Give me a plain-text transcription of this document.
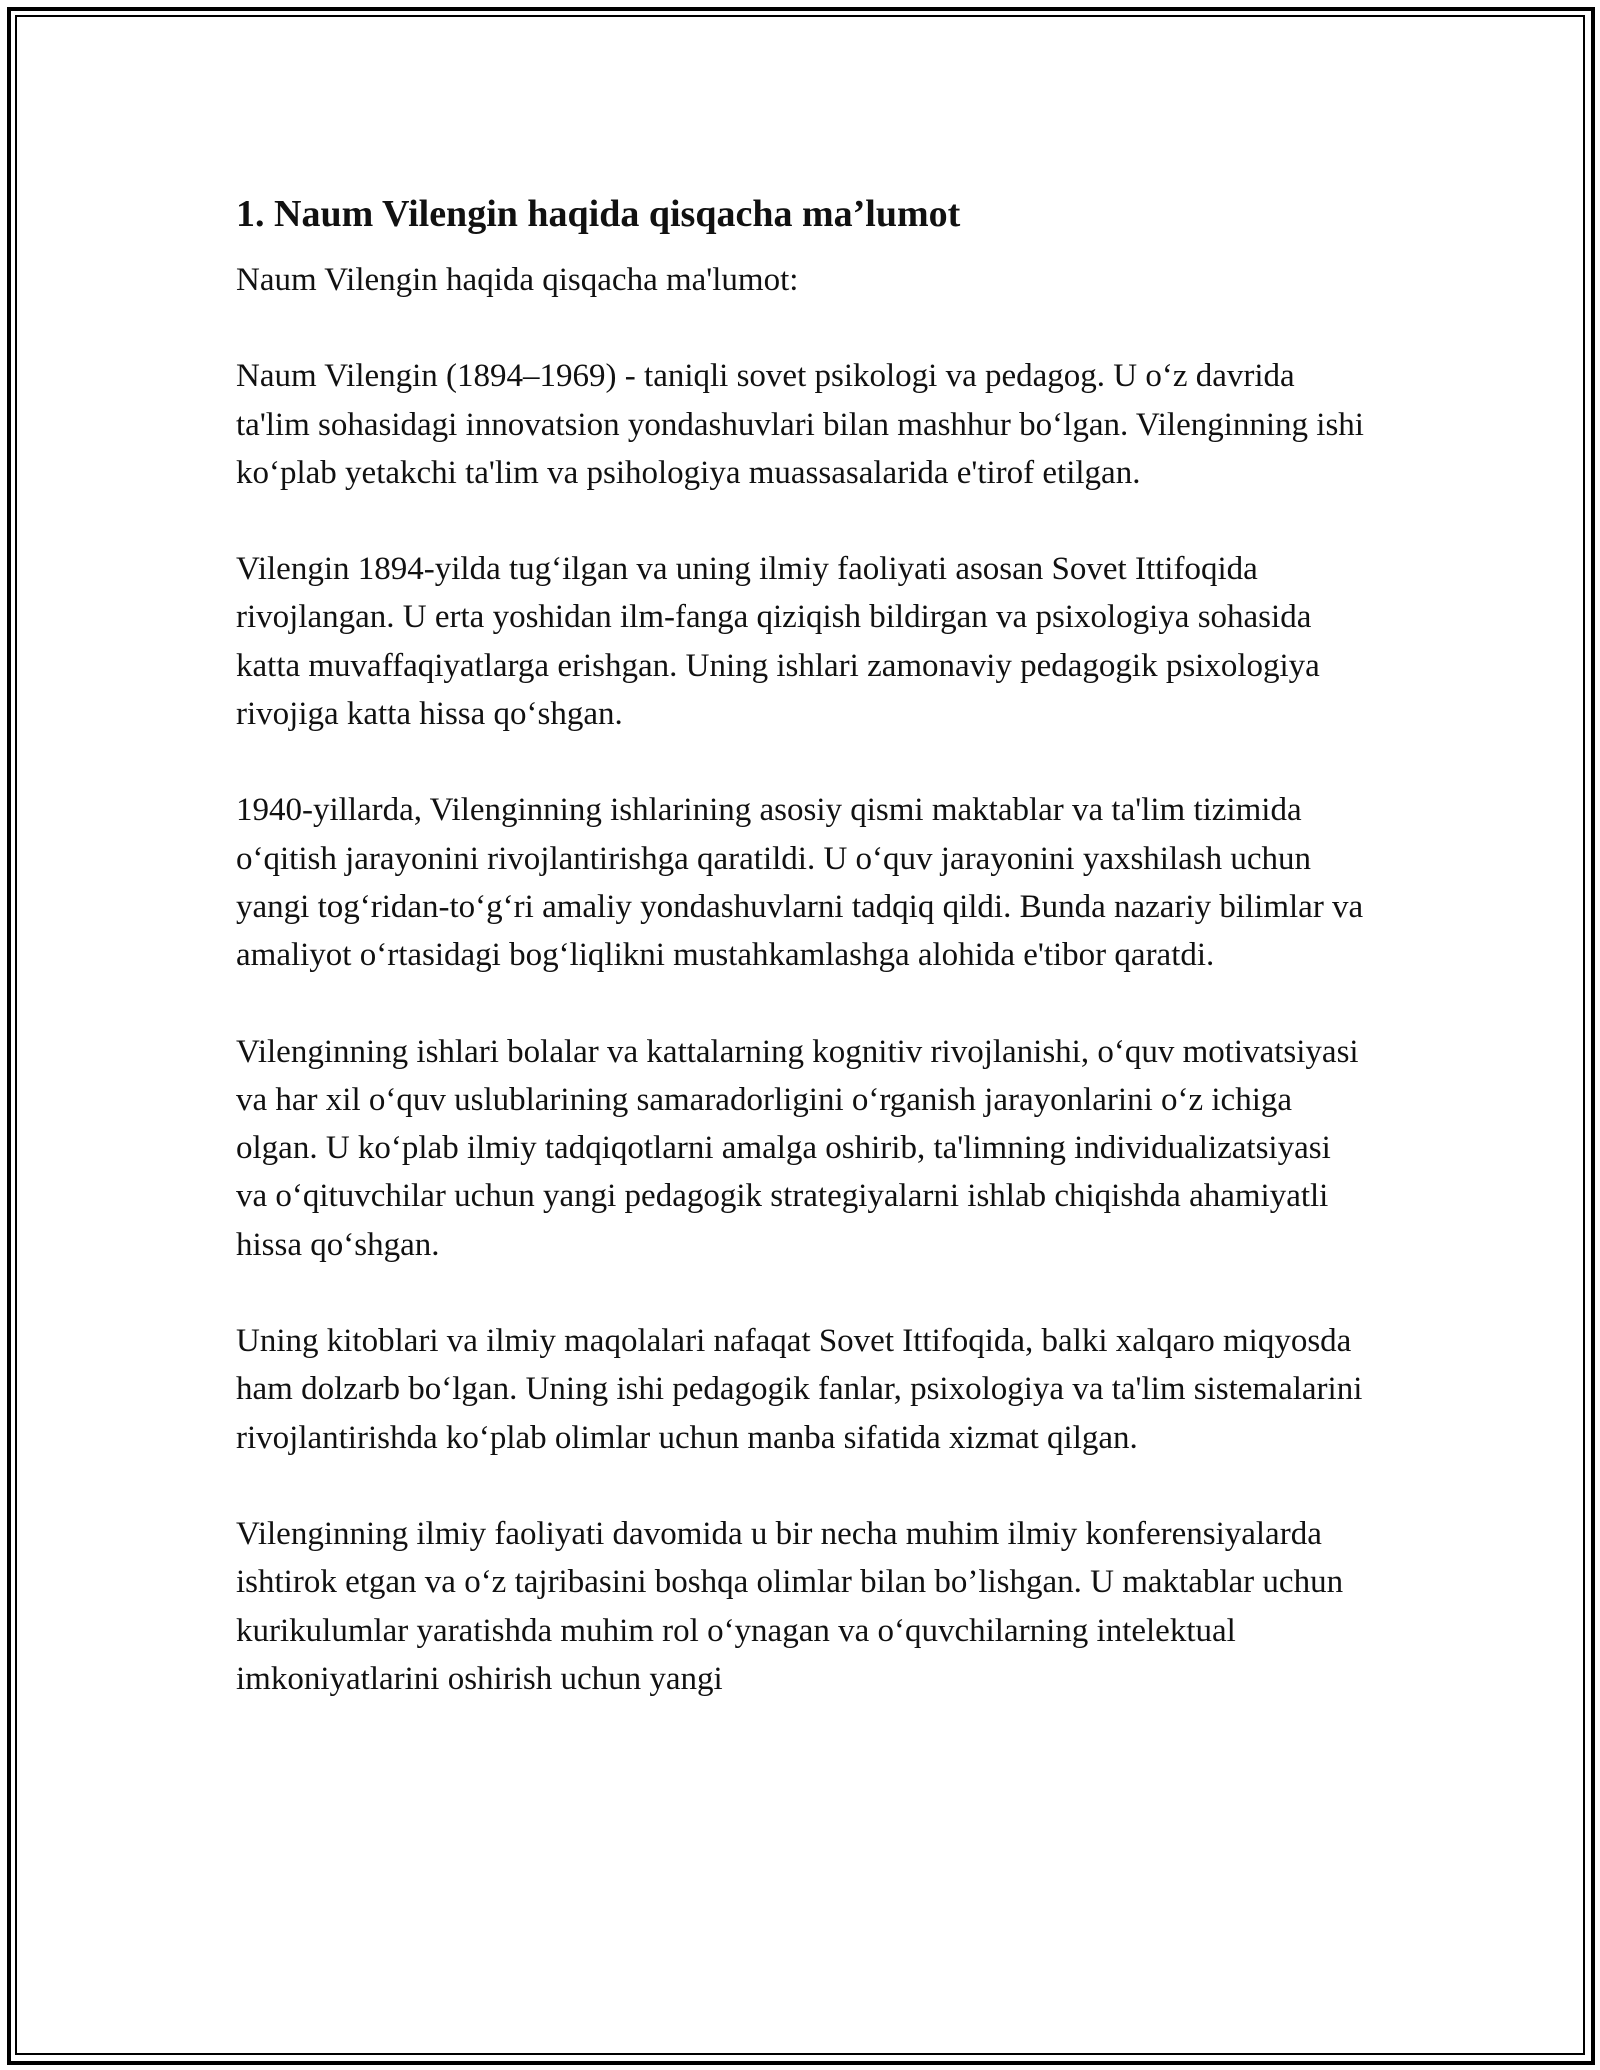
1. Naum Vilengin haqida qisqacha ma’lumot

Naum Vilengin haqida qisqacha ma'lumot:

Naum Vilengin (1894–1969) - taniqli sovet psikologi va pedagog. U o‘z davrida ta'lim sohasidagi innovatsion yondashuvlari bilan mashhur bo‘lgan. Vilenginning ishi ko‘plab yetakchi ta'lim va psihologiya muassasalarida e'tirof etilgan.

Vilengin 1894-yilda tug‘ilgan va uning ilmiy faoliyati asosan Sovet Ittifoqida rivojlangan. U erta yoshidan ilm-fanga qiziqish bildirgan va psixologiya sohasida katta muvaffaqiyatlarga erishgan. Uning ishlari zamonaviy pedagogik psixologiya rivojiga katta hissa qo‘shgan.

1940-yillarda, Vilenginning ishlarining asosiy qismi maktablar va ta'lim tizimida o‘qitish jarayonini rivojlantirishga qaratildi. U o‘quv jarayonini yaxshilash uchun yangi tog‘ridan-to‘g‘ri amaliy yondashuvlarni tadqiq qildi. Bunda nazariy bilimlar va amaliyot o‘rtasidagi bog‘liqlikni mustahkamlashga alohida e'tibor qaratdi.

Vilenginning ishlari bolalar va kattalarning kognitiv rivojlanishi, o‘quv motivatsiyasi va har xil o‘quv uslublarining samaradorligini o‘rganish jarayonlarini o‘z ichiga olgan. U ko‘plab ilmiy tadqiqotlarni amalga oshirib, ta'limning individualizatsiyasi va o‘qituvchilar uchun yangi pedagogik strategiyalarni ishlab chiqishda ahamiyatli hissa qo‘shgan.

Uning kitoblari va ilmiy maqolalari nafaqat Sovet Ittifoqida, balki xalqaro miqyosda ham dolzarb bo‘lgan. Uning ishi pedagogik fanlar, psixologiya va ta'lim sistemalarini rivojlantirishda ko‘plab olimlar uchun manba sifatida xizmat qilgan.

Vilenginning ilmiy faoliyati davomida u bir necha muhim ilmiy konferensiyalarda ishtirok etgan va o‘z tajribasini boshqa olimlar bilan bo’lishgan. U maktablar uchun kurikulumlar yaratishda muhim rol o‘ynagan va o‘quvchilarning intelektual imkoniyatlarini oshirish uchun yangi
